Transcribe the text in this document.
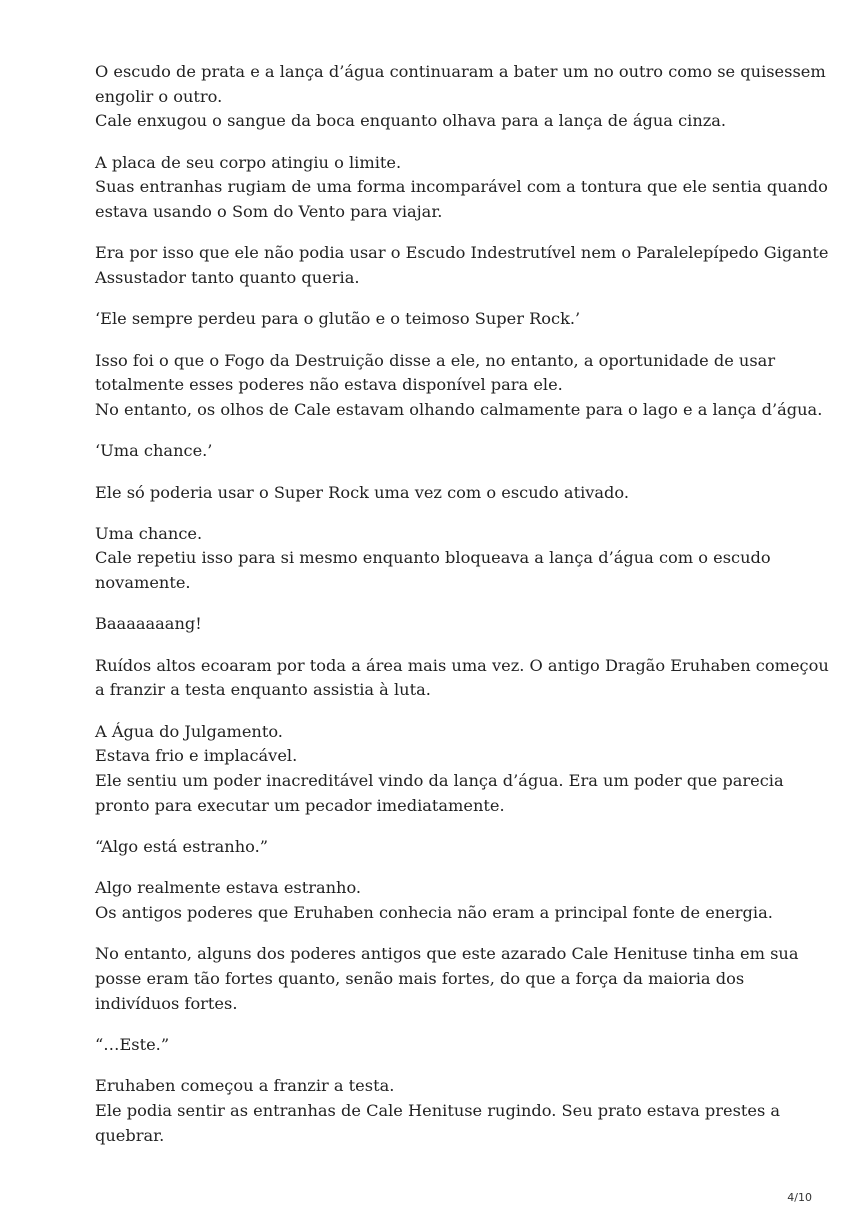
O escudo de prata e a lança d’água continuaram a bater um no outro como se quisessem
engolir o outro.
Cale enxugou o sangue da boca enquanto olhava para a lança de água cinza.
A placa de seu corpo atingiu o limite.
Suas entranhas rugiam de uma forma incomparável com a tontura que ele sentia quando
estava usando o Som do Vento para viajar.
Era por isso que ele não podia usar o Escudo Indestrutível nem o Paralelepípedo Gigante
Assustador tanto quanto queria.
‘Ele sempre perdeu para o glutão e o teimoso Super Rock.’
Isso foi o que o Fogo da Destruição disse a ele, no entanto, a oportunidade de usar
totalmente esses poderes não estava disponível para ele.
No entanto, os olhos de Cale estavam olhando calmamente para o lago e a lança d’água.
‘Uma chance.’
Ele só poderia usar o Super Rock uma vez com o escudo ativado.
Uma chance.
Cale repetiu isso para si mesmo enquanto bloqueava a lança d’água com o escudo
novamente.
Baaaaaaang!
Ruídos altos ecoaram por toda a área mais uma vez. O antigo Dragão Eruhaben começou
a franzir a testa enquanto assistia à luta.
A Água do Julgamento.
Estava frio e implacável.
Ele sentiu um poder inacreditável vindo da lança d’água. Era um poder que parecia
pronto para executar um pecador imediatamente.
“Algo está estranho.”
Algo realmente estava estranho.
Os antigos poderes que Eruhaben conhecia não eram a principal fonte de energia.
No entanto, alguns dos poderes antigos que este azarado Cale Henituse tinha em sua
posse eram tão fortes quanto, senão mais fortes, do que a força da maioria dos
indivíduos fortes.
“…Este.”
Eruhaben começou a franzir a testa.
Ele podia sentir as entranhas de Cale Henituse rugindo. Seu prato estava prestes a
quebrar.
4/10
